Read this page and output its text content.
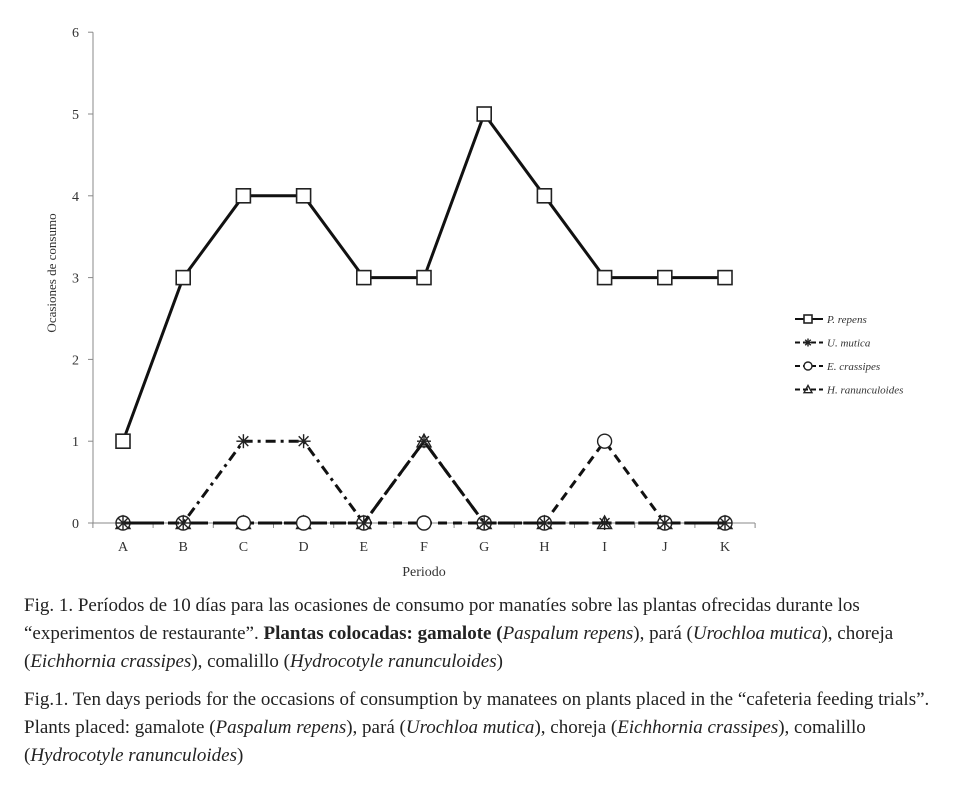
0
1
2
3
4
5
6
A	B	C	D	E	F	G	H	I	J	K
P. repens
U. mutica
E. crassipes
H. ranunculoides
Periodo
Ocasiones de consumo
Fig. 1. Períodos de 10 días para las ocasiones de consumo por manatíes sobre las plantas ofrecidas durante los “experimentos de restaurante”. Plantas colocadas: gamalote (Paspalum repens), pará (Urochloa mutica), choreja (Eichhornia crassipes), comalillo (Hydrocotyle ranunculoides)
Fig.1. Ten days periods for the occasions of consumption by manatees on plants placed in the “cafeteria feeding trials”. Plants placed: gamalote (Paspalum repens), pará (Urochloa mutica), choreja (Eichhornia crassipes), comalillo (Hydrocotyle ranunculoides)
